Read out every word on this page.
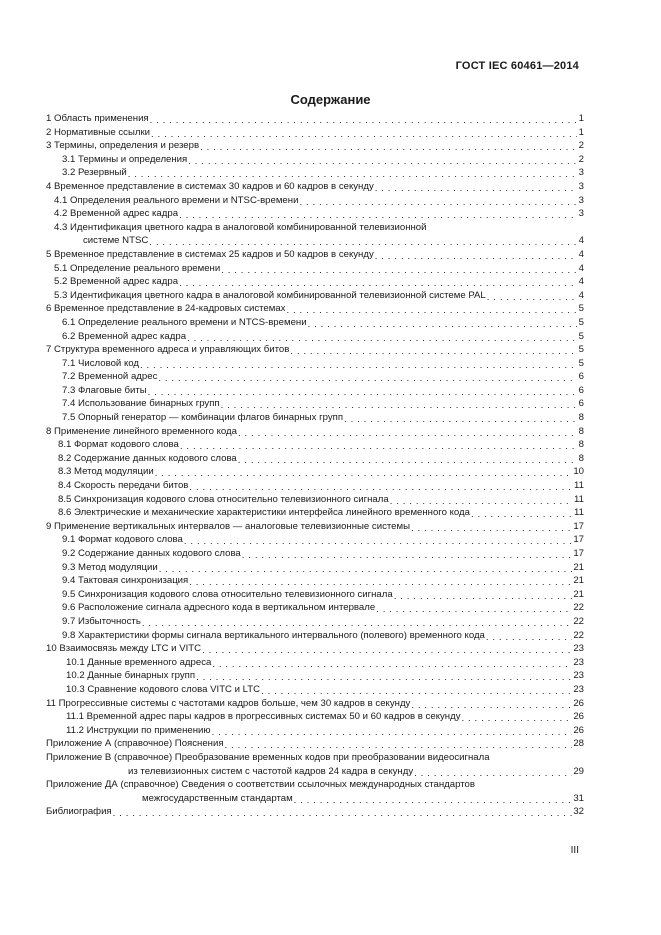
ГОСТ IEC 60461—2014
Содержание
1 Область применения . . .	1
2 Нормативные ссылки . . .	1
3 Термины, определения и резерв . . .	2
3.1 Термины и определения . . .	2
3.2 Резервный . . .	3
4 Временное представление в системах 30 кадров и 60 кадров в секунду . . .	3
4.1 Определения реального времени и NTSC-времени . . .	3
4.2 Временной адрес кадра . . .	3
4.3 Идентификация цветного кадра в аналоговой комбинированной телевизионной
системе NTSC . . .	4
5 Временное представление в системах 25 кадров и 50 кадров в секунду . . .	4
5.1 Определение реального времени . . .	4
5.2 Временной адрес кадра . . .	4
5.3 Идентификация цветного кадра в аналоговой комбинированной телевизионной системе PAL . . .	4
6 Временное представление в 24-кадровых системах . . .	5
6.1 Определение реального времени и NTCS-времени . . .	5
6.2 Временной адрес кадра . . .	5
7 Структура временного адреса и управляющих битов . . .	5
7.1 Числовой код . . .	5
7.2 Временной адрес . . .	6
7.3 Флаговые биты . . .	6
7.4 Использование бинарных групп . . .	6
7.5 Опорный генератор — комбинации флагов бинарных групп . . .	8
8 Применение линейного временного кода . . .	8
8.1 Формат кодового слова . . .	8
8.2 Содержание данных кодового слова . . .	8
8.3 Метод модуляции . . .	10
8.4 Скорость передачи битов . . .	11
8.5 Синхронизация кодового слова относительно телевизионного сигнала . . .	11
8.6 Электрические и механические характеристики интерфейса линейного временного кода . . .	11
9 Применение вертикальных интервалов — аналоговые телевизионные системы . . .	17
9.1 Формат кодового слова . . .	17
9.2 Содержание данных кодового слова . . .	17
9.3 Метод модуляции . . .	21
9.4 Тактовая синхронизация . . .	21
9.5 Синхронизация кодового слова относительно телевизионного сигнала . . .	21
9.6 Расположение сигнала адресного кода в вертикальном интервале . . .	22
9.7 Избыточность . . .	22
9.8 Характеристики формы сигнала вертикального интервального (полевого) временного кода . . .	22
10 Взаимосвязь между LTC и VITC . . .	23
10.1 Данные временного адреса . . .	23
10.2 Данные бинарных групп . . .	23
10.3 Сравнение кодового слова VITC и LTC . . .	23
11 Прогрессивные системы с частотами кадров больше, чем 30 кадров в секунду . . .	26
11.1 Временной адрес пары кадров в прогрессивных системах 50 и 60 кадров в секунду . . .	26
11.2 Инструкции по применению . . .	26
Приложение А (справочное) Пояснения . . .	28
Приложение В (справочное) Преобразование временных кодов при преобразовании видеосигнала
из телевизионных систем с частотой кадров 24 кадра в секунду . . .	29
Приложение ДА (справочное) Сведения о соответствии ссылочных международных стандартов
межгосударственным стандартам . . .	31
Библиография . . .	32
III
